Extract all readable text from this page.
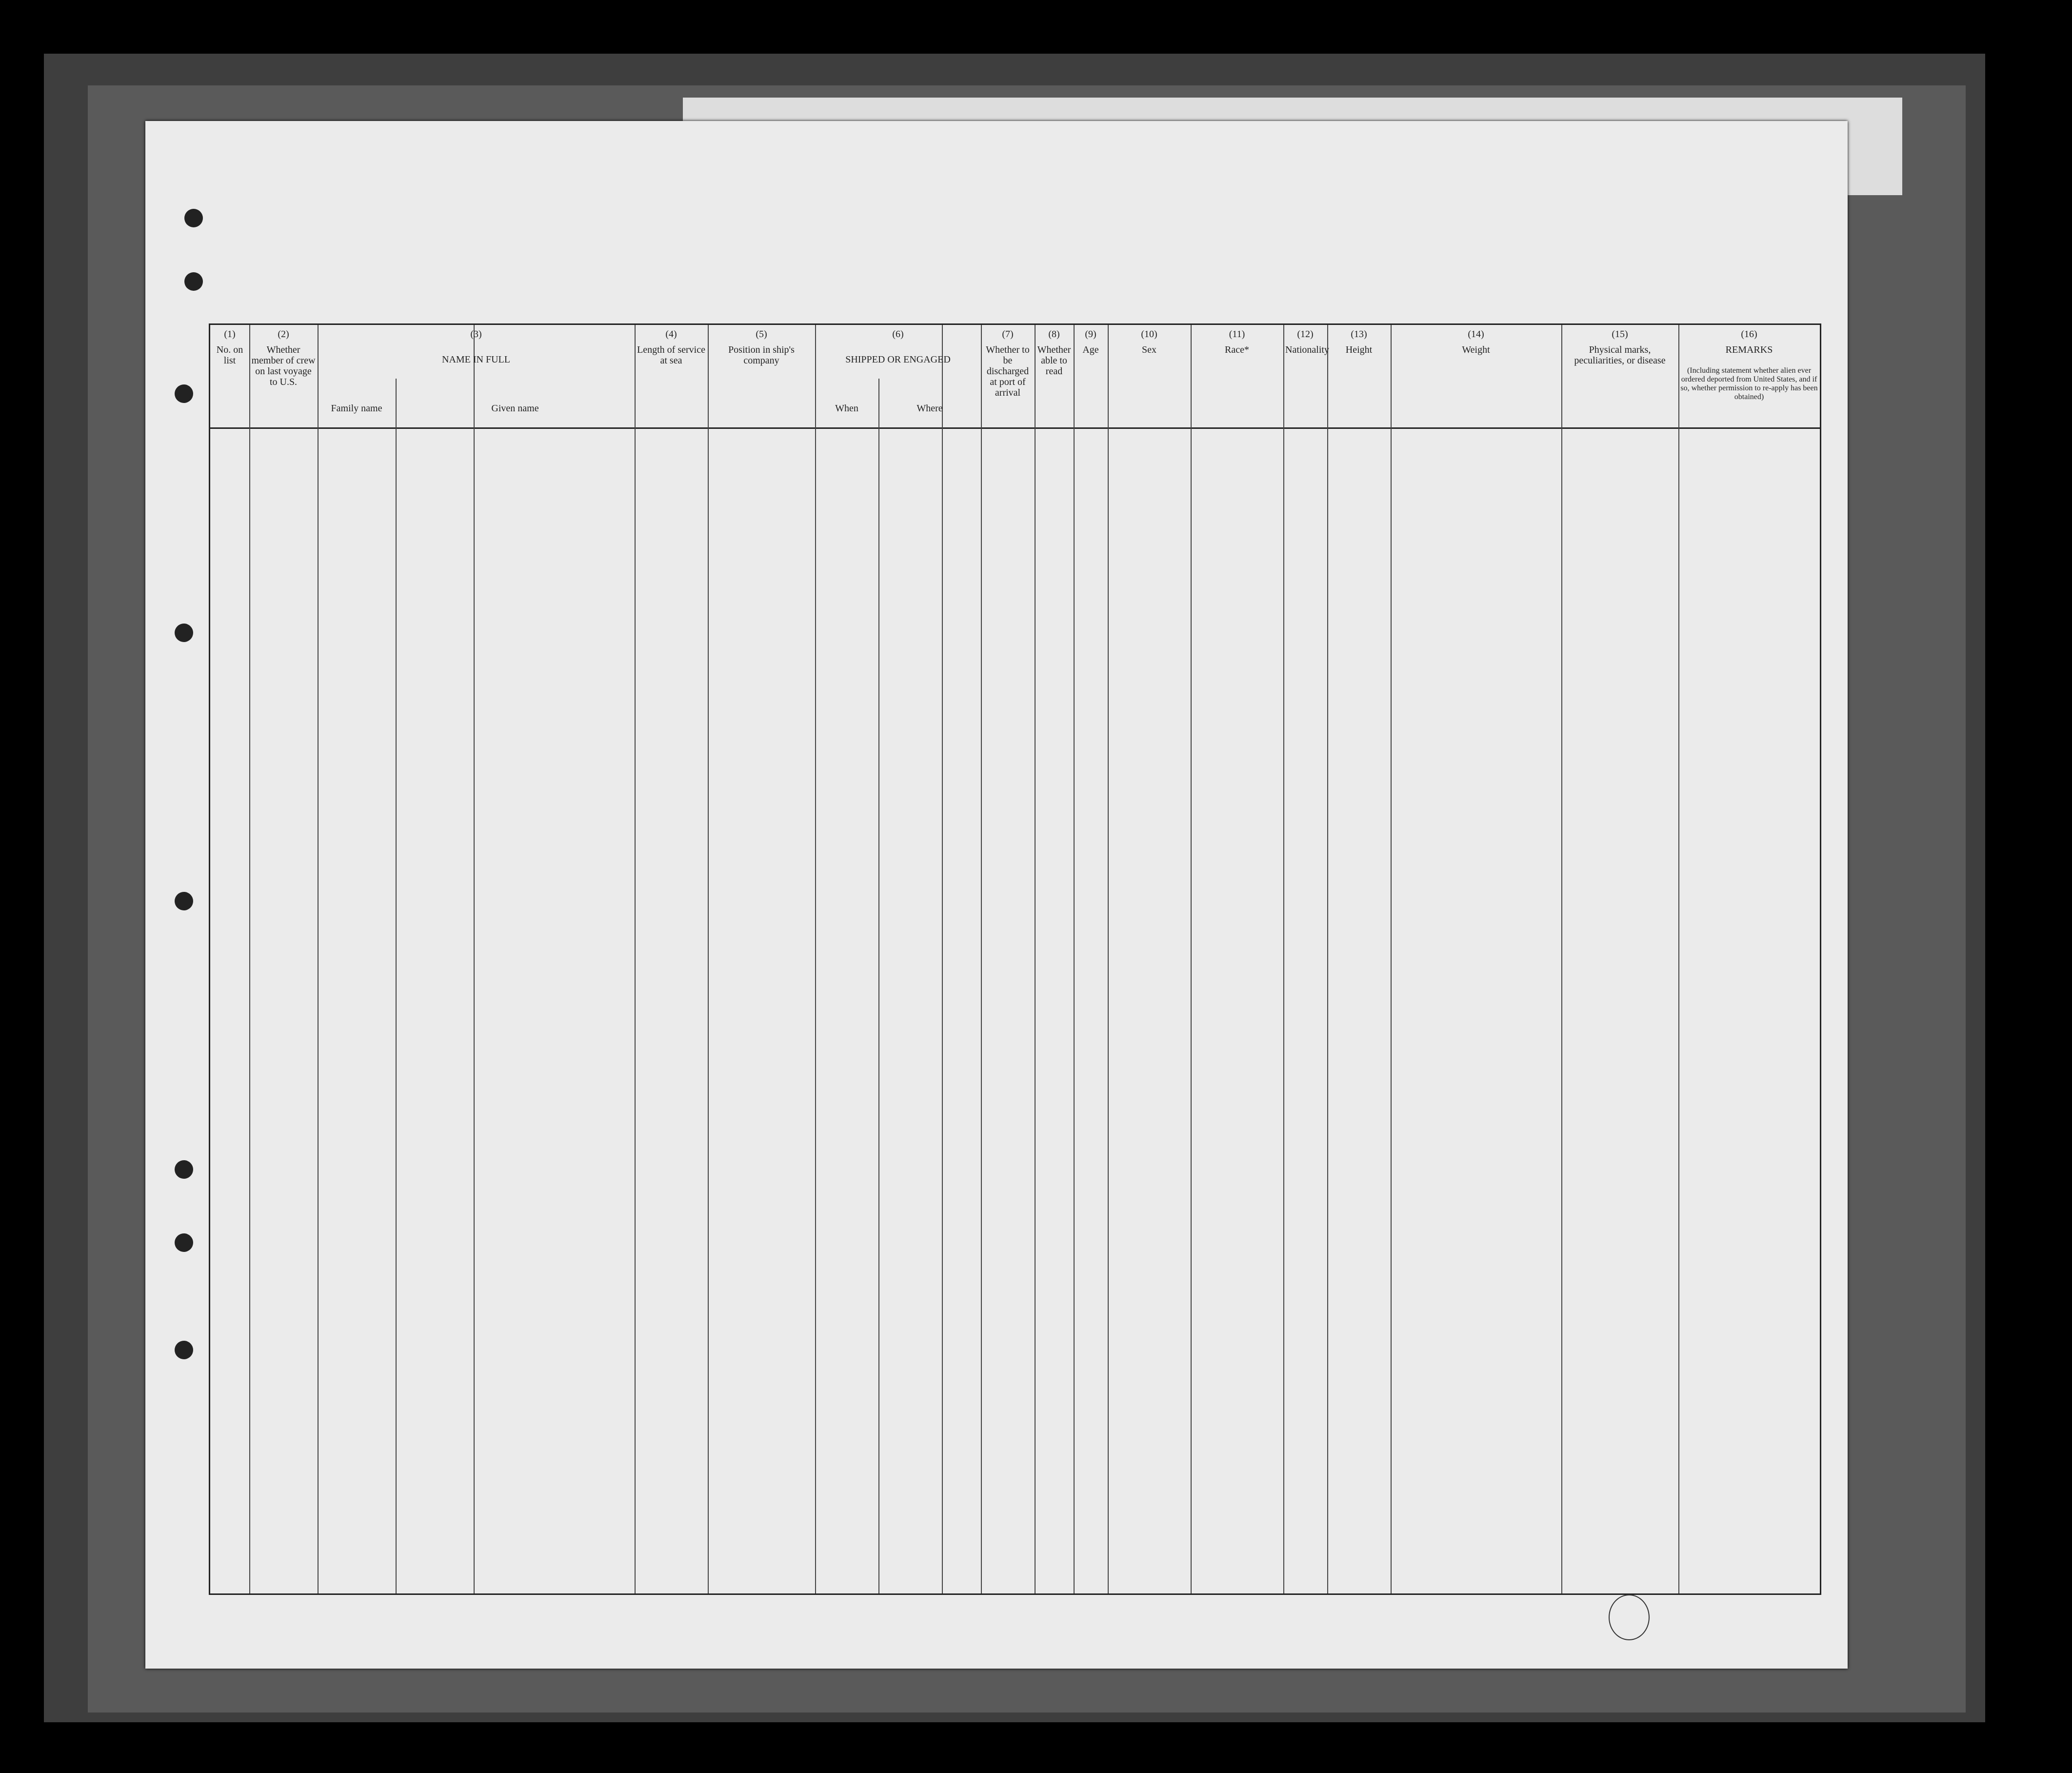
(1)
No. on list
(2)
Whether member of crew on last voyage to U.S.
(3)
NAME IN FULL
Family name	Given name
(4)
Length of service at sea
(5)
Position in ship's company
(6)
SHIPPED OR ENGAGED
When	Where
(7)
Whether to be discharged at port of arrival
(8)
Whether able to read
(9)
Age
(10)
Sex
(11)
Race*
(12)
Nationality
(13)
Height
(14)
Weight
(15)
Physical marks, peculiarities, or disease
(16)
REMARKS
(Including statement whether alien ever ordered deported from United States, and if so, whether permission to re-apply has been obtained)
